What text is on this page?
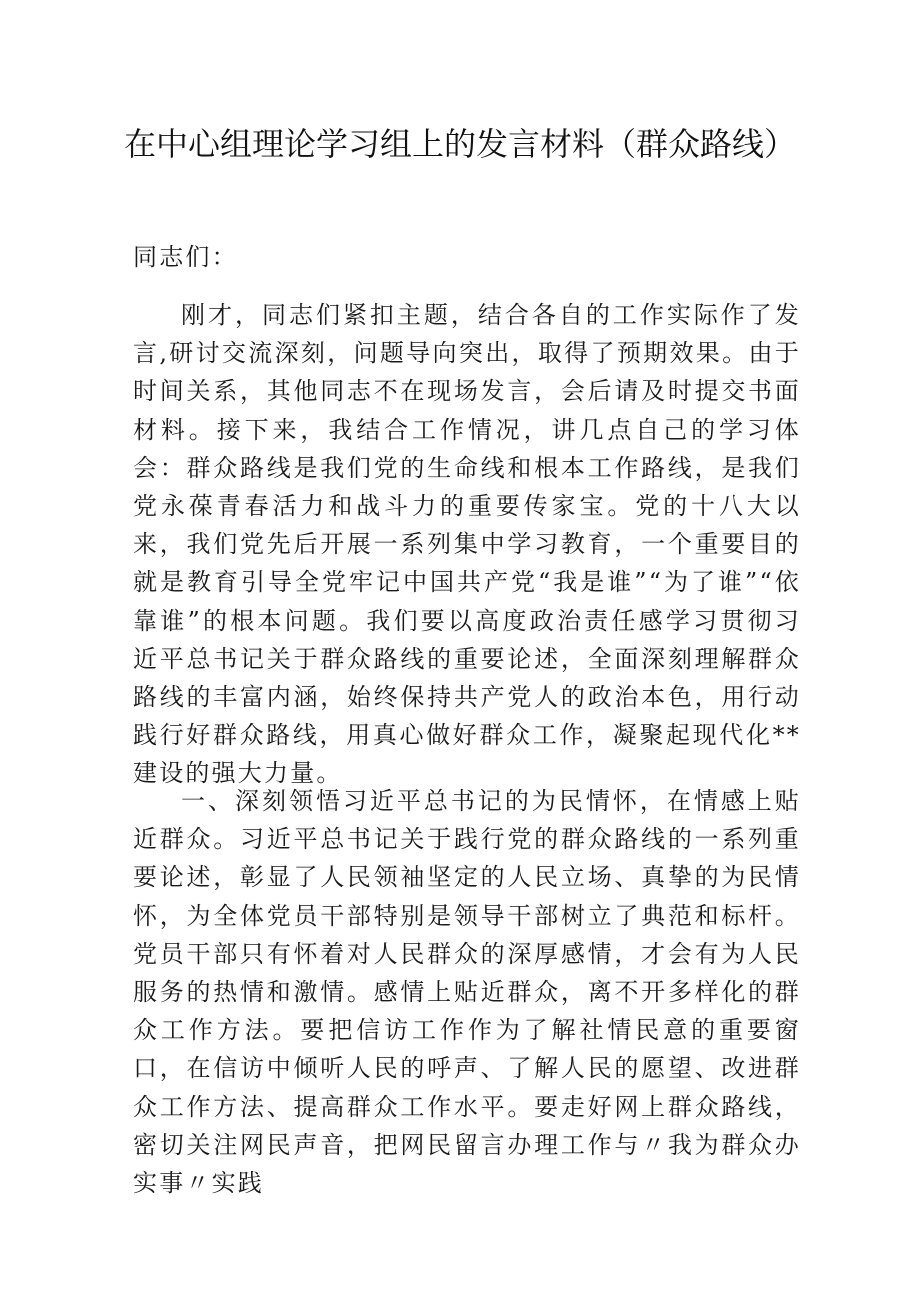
在中心组理论学习组上的发言材料（群众路线）

同志们：

刚才，同志们紧扣主题，结合各自的工作实际作了发言,研讨交流深刻，问题导向突出，取得了预期效果。由于时间关系，其他同志不在现场发言，会后请及时提交书面材料。接下来，我结合工作情况，讲几点自己的学习体会：群众路线是我们党的生命线和根本工作路线，是我们党永葆青春活力和战斗力的重要传家宝。党的十八大以来，我们党先后开展一系列集中学习教育，一个重要目的就是教育引导全党牢记中国共产党“我是谁”“为了谁”“依靠谁”的根本问题。我们要以高度政治责任感学习贯彻习近平总书记关于群众路线的重要论述，全面深刻理解群众路线的丰富内涵，始终保持共产党人的政治本色，用行动践行好群众路线，用真心做好群众工作，凝聚起现代化**建设的强大力量。

一、深刻领悟习近平总书记的为民情怀，在情感上贴近群众。习近平总书记关于践行党的群众路线的一系列重要论述，彰显了人民领袖坚定的人民立场、真挚的为民情怀，为全体党员干部特别是领导干部树立了典范和标杆。党员干部只有怀着对人民群众的深厚感情，才会有为人民服务的热情和激情。感情上贴近群众，离不开多样化的群众工作方法。要把信访工作作为了解社情民意的重要窗口，在信访中倾听人民的呼声、了解人民的愿望、改进群众工作方法、提高群众工作水平。要走好网上群众路线，密切关注网民声音，把网民留言办理工作与〃我为群众办实事〃实践
